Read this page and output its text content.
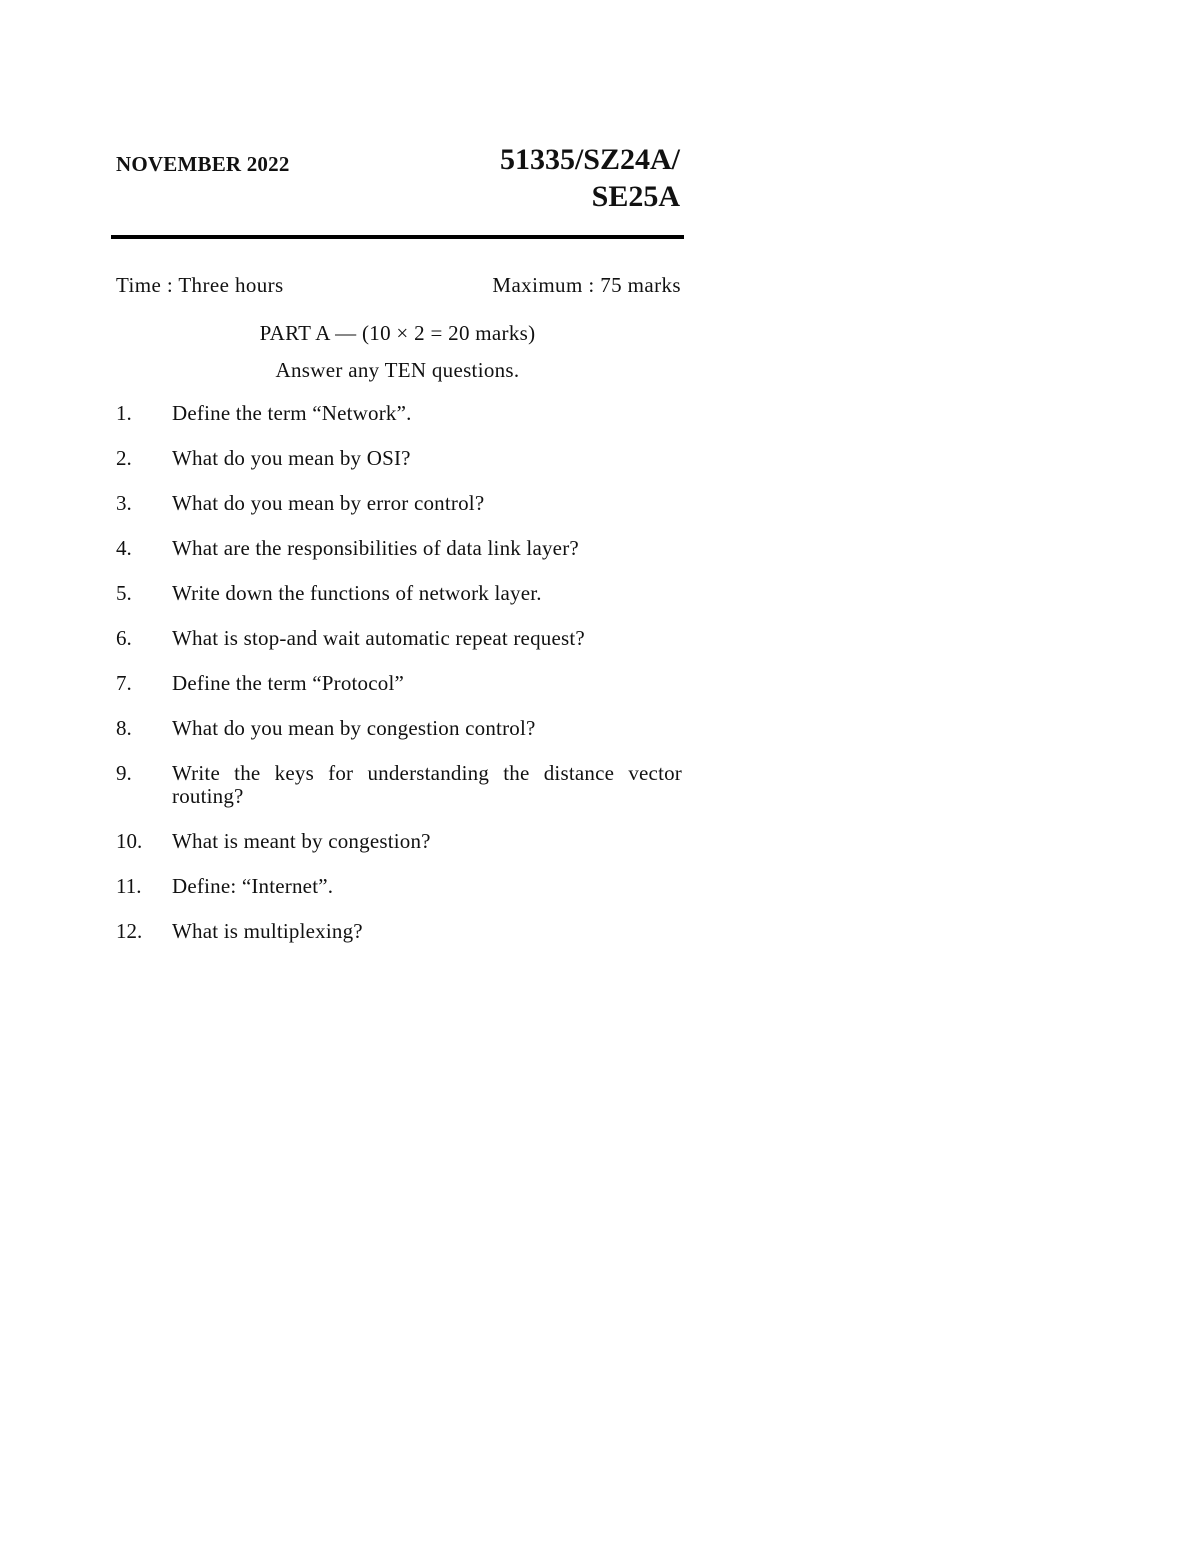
NOVEMBER 2022	51335/SZ24A/
SE25A
Time : Three hours	Maximum : 75 marks
PART A — (10 × 2 = 20 marks)
Answer any TEN questions.
1.	Define the term “Network”.
2.	What do you mean by OSI?
3.	What do you mean by error control?
4.	What are the responsibilities of data link layer?
5.	Write down the functions of network layer.
6.	What is stop-and wait automatic repeat request?
7.	Define the term “Protocol”
8.	What do you mean by congestion control?
9.	Write the keys for understanding the distance vector routing?
10.	What is meant by congestion?
11.	Define: “Internet”.
12.	What is multiplexing?
